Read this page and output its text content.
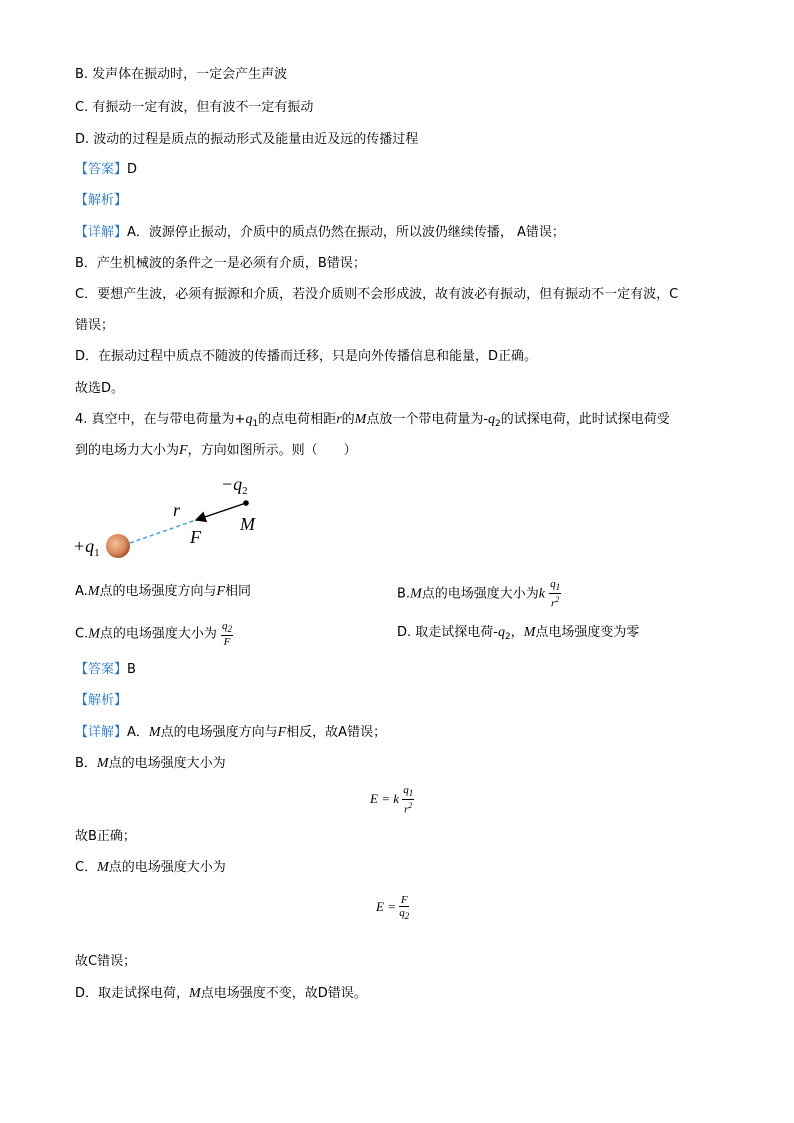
B. 发声体在振动时，一定会产生声波
C. 有振动一定有波，但有波不一定有振动
D. 波动的过程是质点的振动形式及能量由近及远的传播过程
【答案】D
【解析】
【详解】A．波源停止振动，介质中的质点仍然在振动，所以波仍继续传播， A错误；
B．产生机械波的条件之一是必须有介质，B错误；
C．要想产生波，必须有振源和介质，若没介质则不会形成波，故有波必有振动，但有振动不一定有波，C
错误；
D．在振动过程中质点不随波的传播而迁移，只是向外传播信息和能量，D正确。
故选D。
4. 真空中，在与带电荷量为$+q_1$的点电荷相距r的M点放一个带电荷量为$-q_2$的试探电荷，此时试探电荷受
到的电场力大小为F，方向如图所示。则（　　）
$-q_2$
r
M
F
$+q_1$
A.M点的电场强度方向与F相同	B.M点的电场强度大小为k $\frac{q_1}{r^2}$
C.M点的电场强度大小为 $\frac{q_2}{F}$	D. 取走试探电荷$-q_2$，M点电场强度变为零
【答案】B
【解析】
【详解】A．M点的电场强度方向与F相反，故A错误；
B．M点的电场强度大小为
E = k $\frac{q_1}{r^2}$
故B正确；
C．M点的电场强度大小为
$E = \frac{F}{q_2}$
故C错误；
D．取走试探电荷，M点电场强度不变，故D错误。
